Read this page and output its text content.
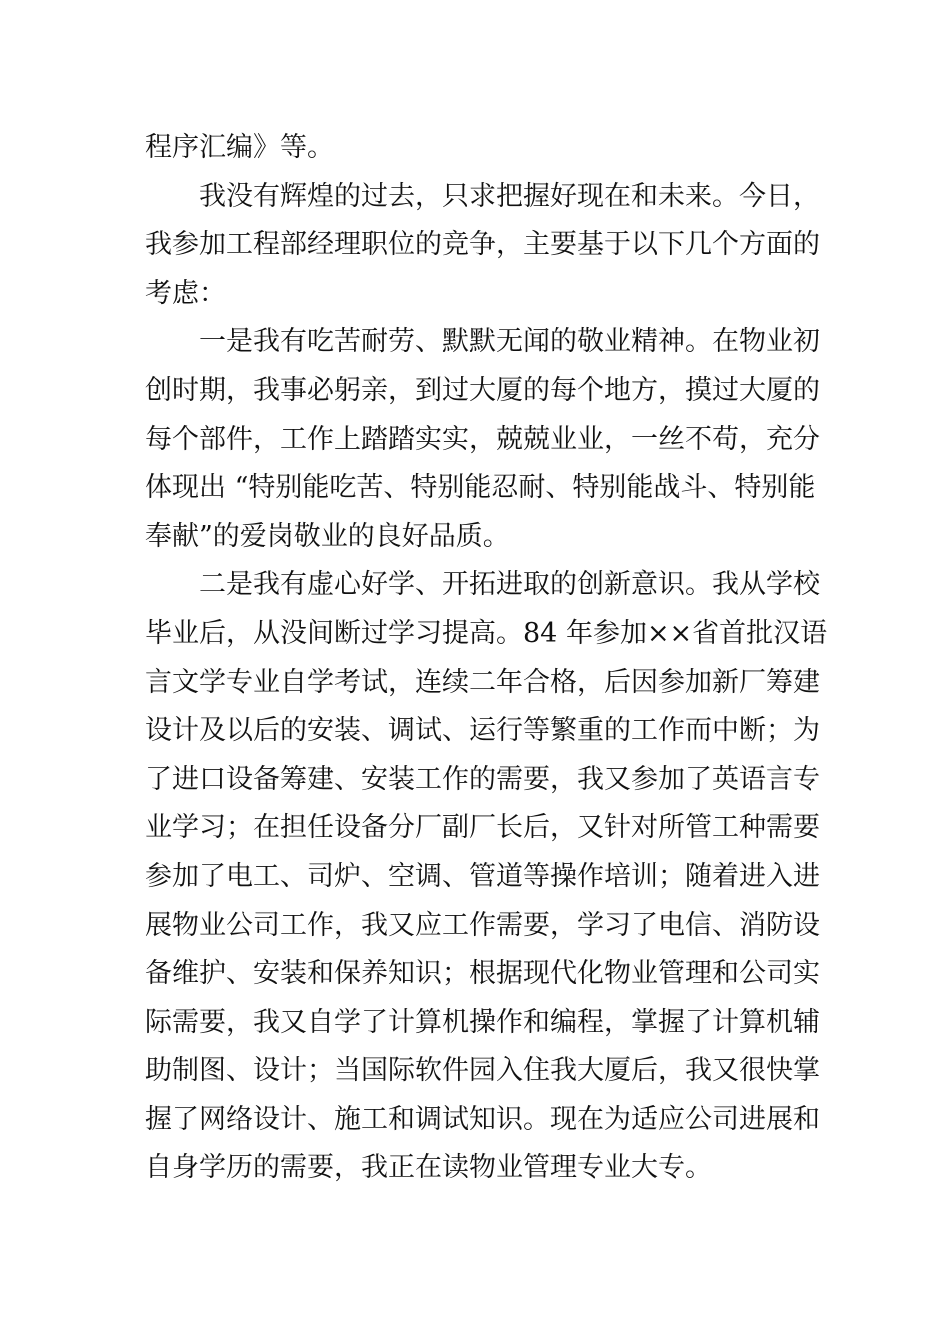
程序汇编》等。
我没有辉煌的过去，只求把握好现在和未来。今日，
我参加工程部经理职位的竞争，主要基于以下几个方面的
考虑：
一是我有吃苦耐劳、默默无闻的敬业精神。在物业初
创时期，我事必躬亲，到过大厦的每个地方，摸过大厦的
每个部件，工作上踏踏实实，兢兢业业，一丝不苟，充分
体现出 “特别能吃苦、特别能忍耐、特别能战斗、特别能
奉献”的爱岗敬业的良好品质。
二是我有虚心好学、开拓进取的创新意识。我从学校
毕业后，从没间断过学习提高。84 年参加××省首批汉语
言文学专业自学考试，连续二年合格，后因参加新厂筹建
设计及以后的安装、调试、运行等繁重的工作而中断；为
了进口设备筹建、安装工作的需要，我又参加了英语言专
业学习；在担任设备分厂副厂长后，又针对所管工种需要
参加了电工、司炉、空调、管道等操作培训；随着进入进
展物业公司工作，我又应工作需要，学习了电信、消防设
备维护、安装和保养知识；根据现代化物业管理和公司实
际需要，我又自学了计算机操作和编程，掌握了计算机辅
助制图、设计；当国际软件园入住我大厦后，我又很快掌
握了网络设计、施工和调试知识。现在为适应公司进展和
自身学历的需要，我正在读物业管理专业大专。
